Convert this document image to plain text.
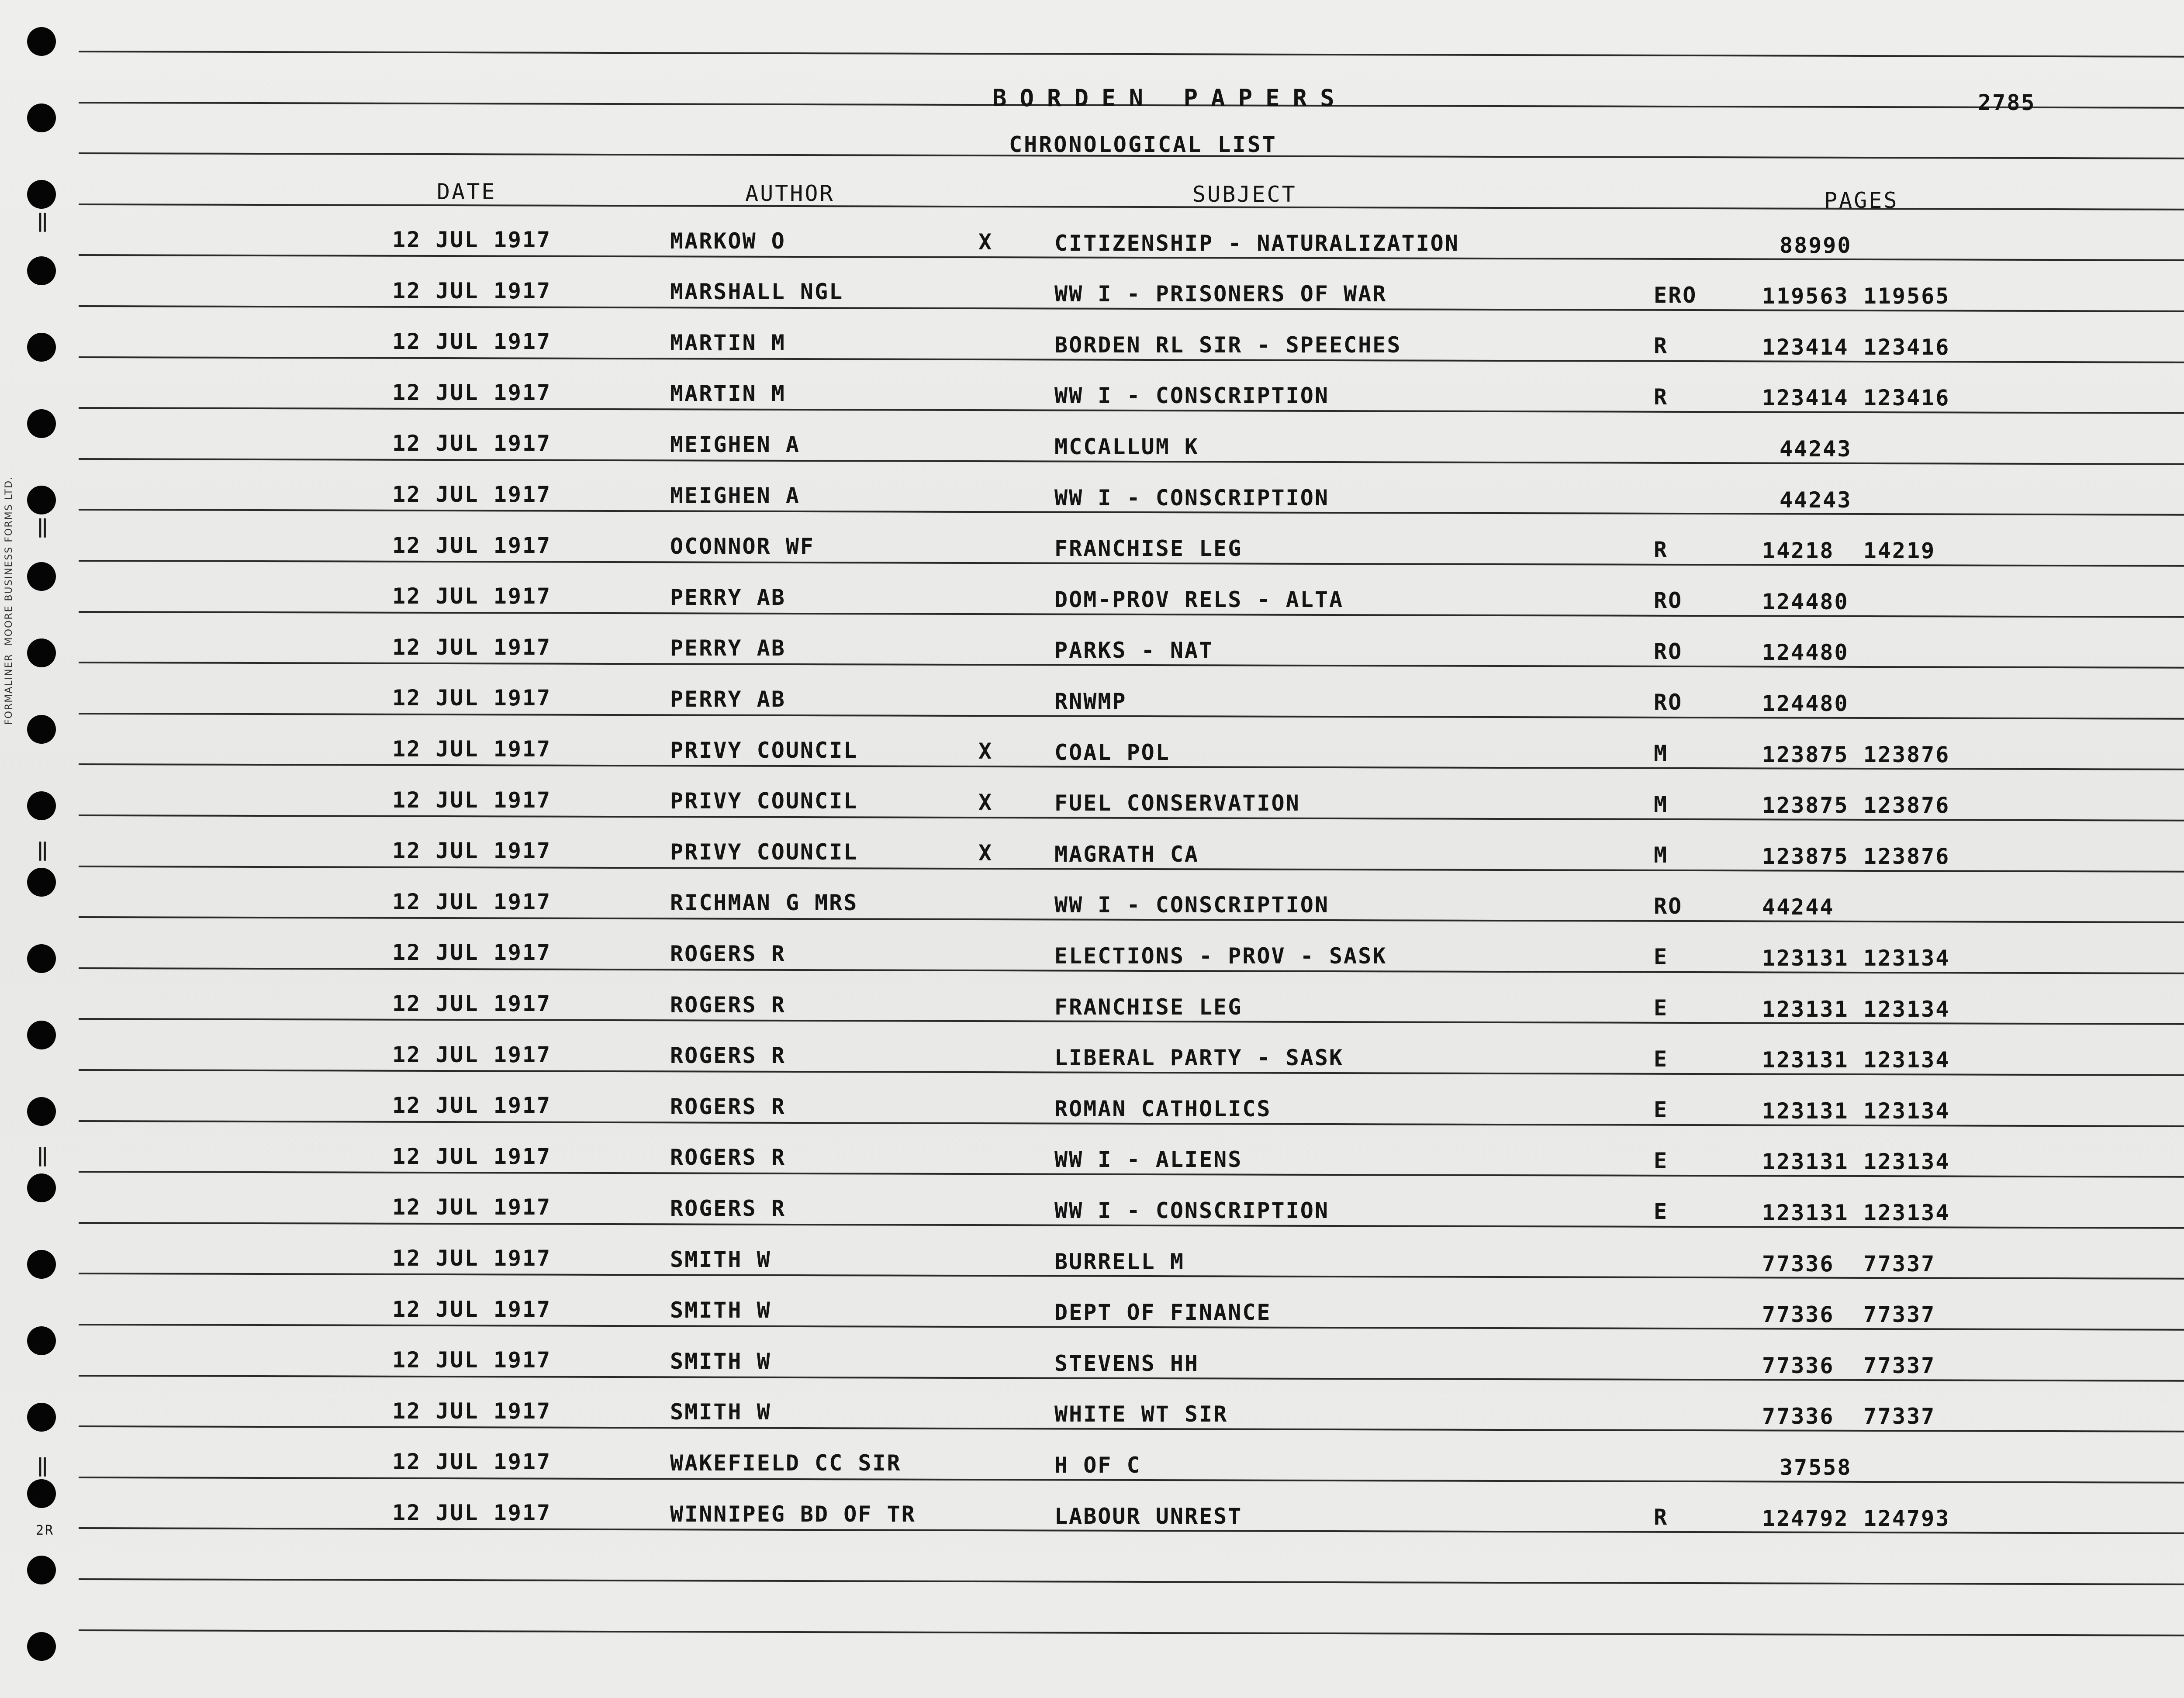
‖
‖
‖
‖
‖
FORMALINER  MOORE BUSINESS FORMS LTD.
2R
BORDEN PAPERS	2785
CHRONOLOGICAL LIST
DATE	AUTHOR	SUBJECT	PAGES
12 JUL 1917	MARKOW O	X	CITIZENSHIP - NATURALIZATION	88990
12 JUL 1917	MARSHALL NGL	WW I - PRISONERS OF WAR	ERO	119563 119565
12 JUL 1917	MARTIN M	BORDEN RL SIR - SPEECHES	R	123414 123416
12 JUL 1917	MARTIN M	WW I - CONSCRIPTION	R	123414 123416
12 JUL 1917	MEIGHEN A	MCCALLUM K	44243
12 JUL 1917	MEIGHEN A	WW I - CONSCRIPTION	44243
12 JUL 1917	OCONNOR WF	FRANCHISE LEG	R	14218  14219
12 JUL 1917	PERRY AB	DOM-PROV RELS - ALTA	RO	124480
12 JUL 1917	PERRY AB	PARKS - NAT	RO	124480
12 JUL 1917	PERRY AB	RNWMP	RO	124480
12 JUL 1917	PRIVY COUNCIL	X	COAL POL	M	123875 123876
12 JUL 1917	PRIVY COUNCIL	X	FUEL CONSERVATION	M	123875 123876
12 JUL 1917	PRIVY COUNCIL	X	MAGRATH CA	M	123875 123876
12 JUL 1917	RICHMAN G MRS	WW I - CONSCRIPTION	RO	44244
12 JUL 1917	ROGERS R	ELECTIONS - PROV - SASK	E	123131 123134
12 JUL 1917	ROGERS R	FRANCHISE LEG	E	123131 123134
12 JUL 1917	ROGERS R	LIBERAL PARTY - SASK	E	123131 123134
12 JUL 1917	ROGERS R	ROMAN CATHOLICS	E	123131 123134
12 JUL 1917	ROGERS R	WW I - ALIENS	E	123131 123134
12 JUL 1917	ROGERS R	WW I - CONSCRIPTION	E	123131 123134
12 JUL 1917	SMITH W	BURRELL M	77336  77337
12 JUL 1917	SMITH W	DEPT OF FINANCE	77336  77337
12 JUL 1917	SMITH W	STEVENS HH	77336  77337
12 JUL 1917	SMITH W	WHITE WT SIR	77336  77337
12 JUL 1917	WAKEFIELD CC SIR	H OF C	37558
12 JUL 1917	WINNIPEG BD OF TR	LABOUR UNREST	R	124792 124793
